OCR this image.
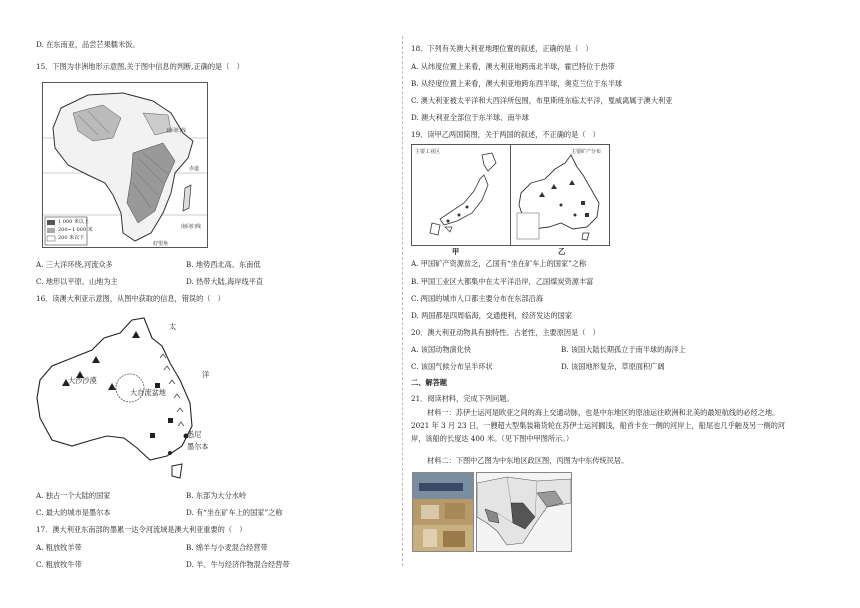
D. 在东南亚，品尝芒果糯米饭。
15．下图为非洲地形示意图,关于图中信息的判断,正确的是（　）
北回归线
赤道
南回归线
好望角
1 000 米以上
200~1 000 米
200 米以下
A. 三大洋环绕,河流众多	B. 地势西北高、东南低
C. 地形以平原、山地为主	D. 热带大陆,海岸线平直
16．读澳大利亚示意图，从图中获取的信息，错误的（　）
大沙沙漠
大自流盆地
悉尼
墨尔本
太
洋
A. 独占一个大陆的国家	B. 东部为大分水岭
C. 最大的城市是墨尔本	D. 有“坐在矿车上的国家”之称
17．澳大利亚东南部的墨累一达令河流域是澳大利亚重要的（　）
A. 粗放牧羊带	B. 绵羊与小麦混合经营带
C. 粗放牧牛带	D. 羊、牛与经济作物混合经营带
18．下列有关澳大利亚地理位置的叙述，正确的是（　）
A. 从纬度位置上来看，澳大利亚地跨南北半球，霍巴特位于热带
B. 从经度位置上来看，澳大利亚地跨东西半球，奥克兰位于东半球
C. 澳大利亚被太平洋和大西洋所包围，布里斯班东临太平洋，戛威离属于澳大利亚
D. 澳大利亚全部位于东半球、南半球
19．读甲乙两国简图，关于两国的叙述，不正确的是（　）
主要工业区	主要矿产分布
甲	乙
A. 甲国矿产资源贫乏，乙国有“坐在矿车上的国家”之称
B. 甲国工业区大都集中在太平洋沿岸，乙国煤炭资源丰富
C. 两国的城市人口都主要分布在东部沿海
D. 两国都是四周临海，交通便利，经济发达的国家
20．澳大利亚动物具有独特性、古老性，主要原因是（　）
A. 该国动物演化快	B. 该国大陆长期孤立于南半球的海洋上
C. 该国气候分布呈半环状	D. 该国地形复杂，草原面积广阔
二、解答题
21．阅读材料，完成下列问题。
材料一：苏伊士运河是欧亚之间的海上交通动脉，也是中东地区的原油运往欧洲和北美的最短航线的必经之地。2021 年 3 月 23 日，一艘超大型集装箱货轮在苏伊士运河搁浅，船首卡在一侧的河岸上，船尾也几乎触及另一侧的河岸，该船的长度达 400 米。（见下图中甲图所示。）
材料二：下图中乙图为中东地区政区图，丙图为中东传统民居。
